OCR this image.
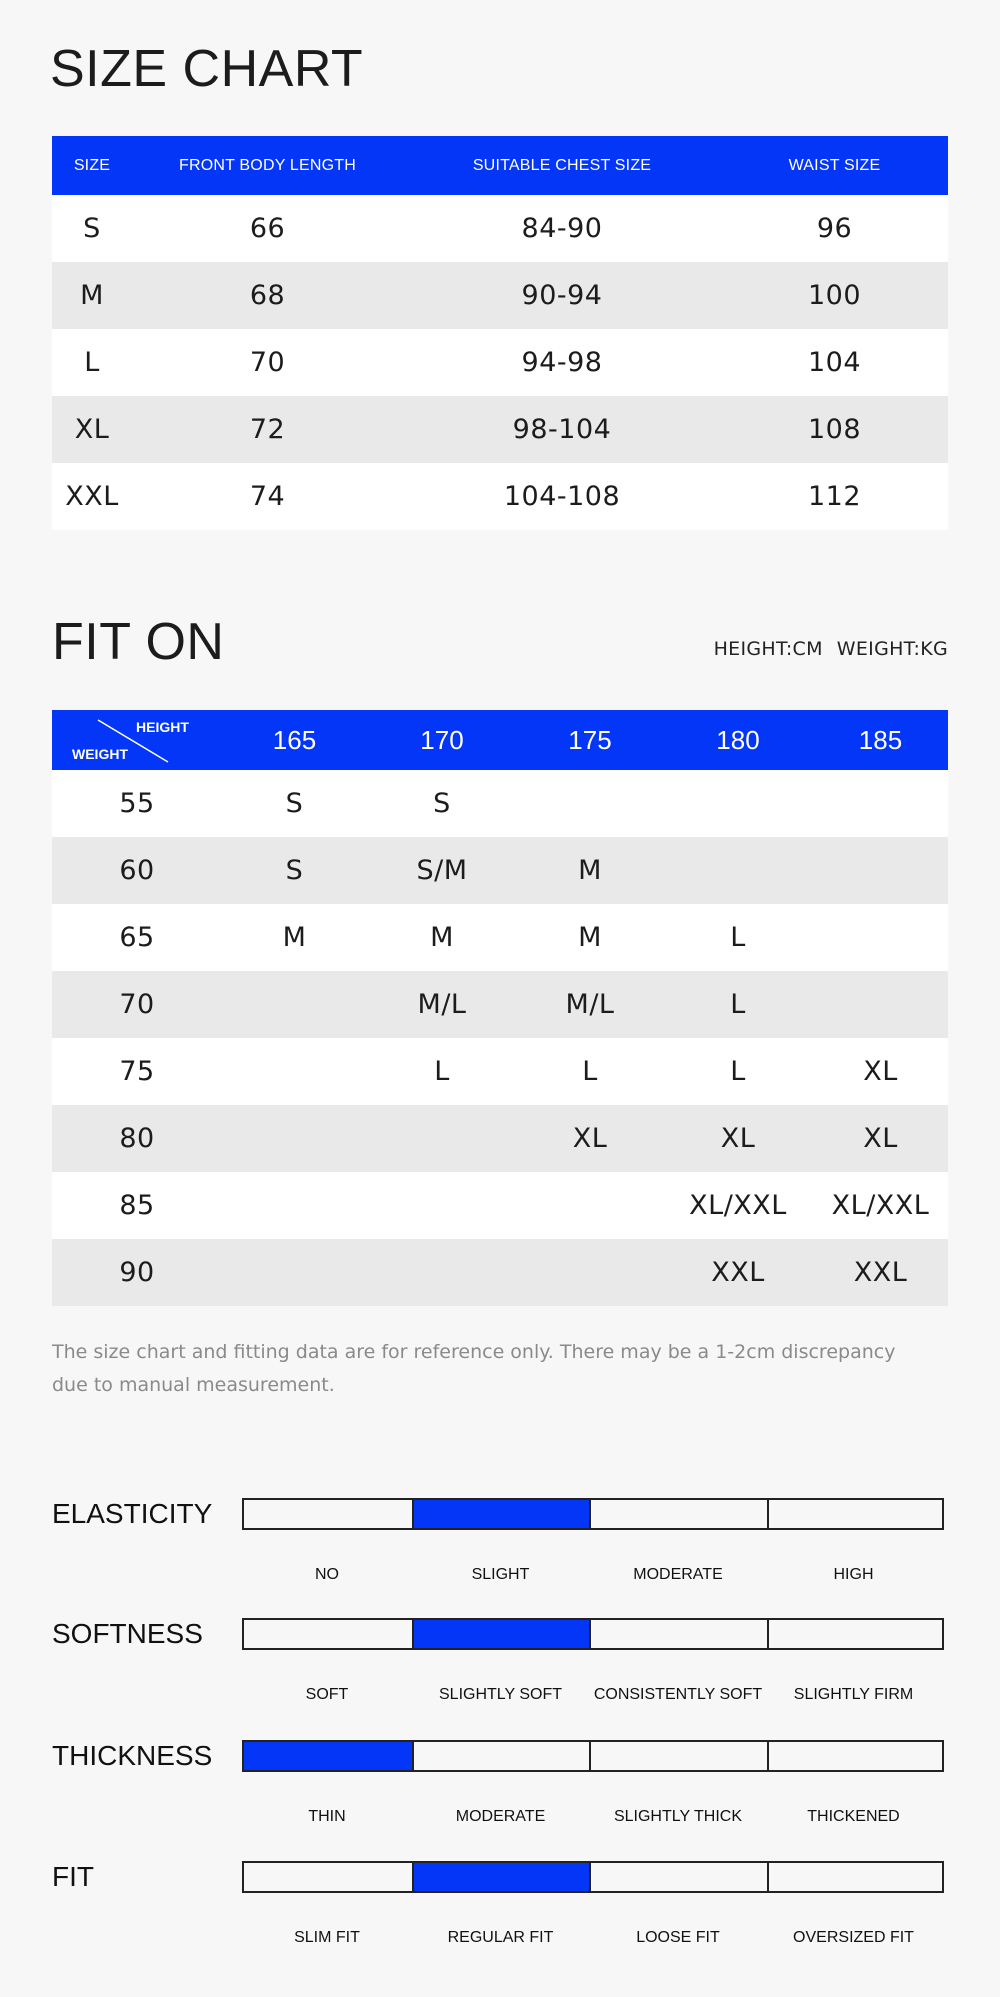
SIZE CHART
SIZE	FRONT BODY LENGTH	SUITABLE CHEST SIZE	WAIST SIZE
S	66	84-90	96
M	68	90-94	100
L	70	94-98	104
XL	72	98-104	108
XXL	74	104-108	112
FIT ON	HEIGHT:CM WEIGHT:KG
HEIGHT
WEIGHT	165	170	175	180	185
55	S	S			
60	S	S/M	M		
65	M	M	M	L	
70		M/L	M/L	L	
75		L	L	L	XL
80			XL	XL	XL
85				XL/XXL	XL/XXL
90				XXL	XXL

The size chart and fitting data are for reference only. There may be a 1-2cm discrepancy due to manual measurement.

ELASTICITY
NO	SLIGHT	MODERATE	HIGH
SOFTNESS
SOFT	SLIGHTLY SOFT	CONSISTENTLY SOFT	SLIGHTLY FIRM
THICKNESS
THIN	MODERATE	SLIGHTLY THICK	THICKENED
FIT
SLIM FIT	REGULAR FIT	LOOSE FIT	OVERSIZED FIT
